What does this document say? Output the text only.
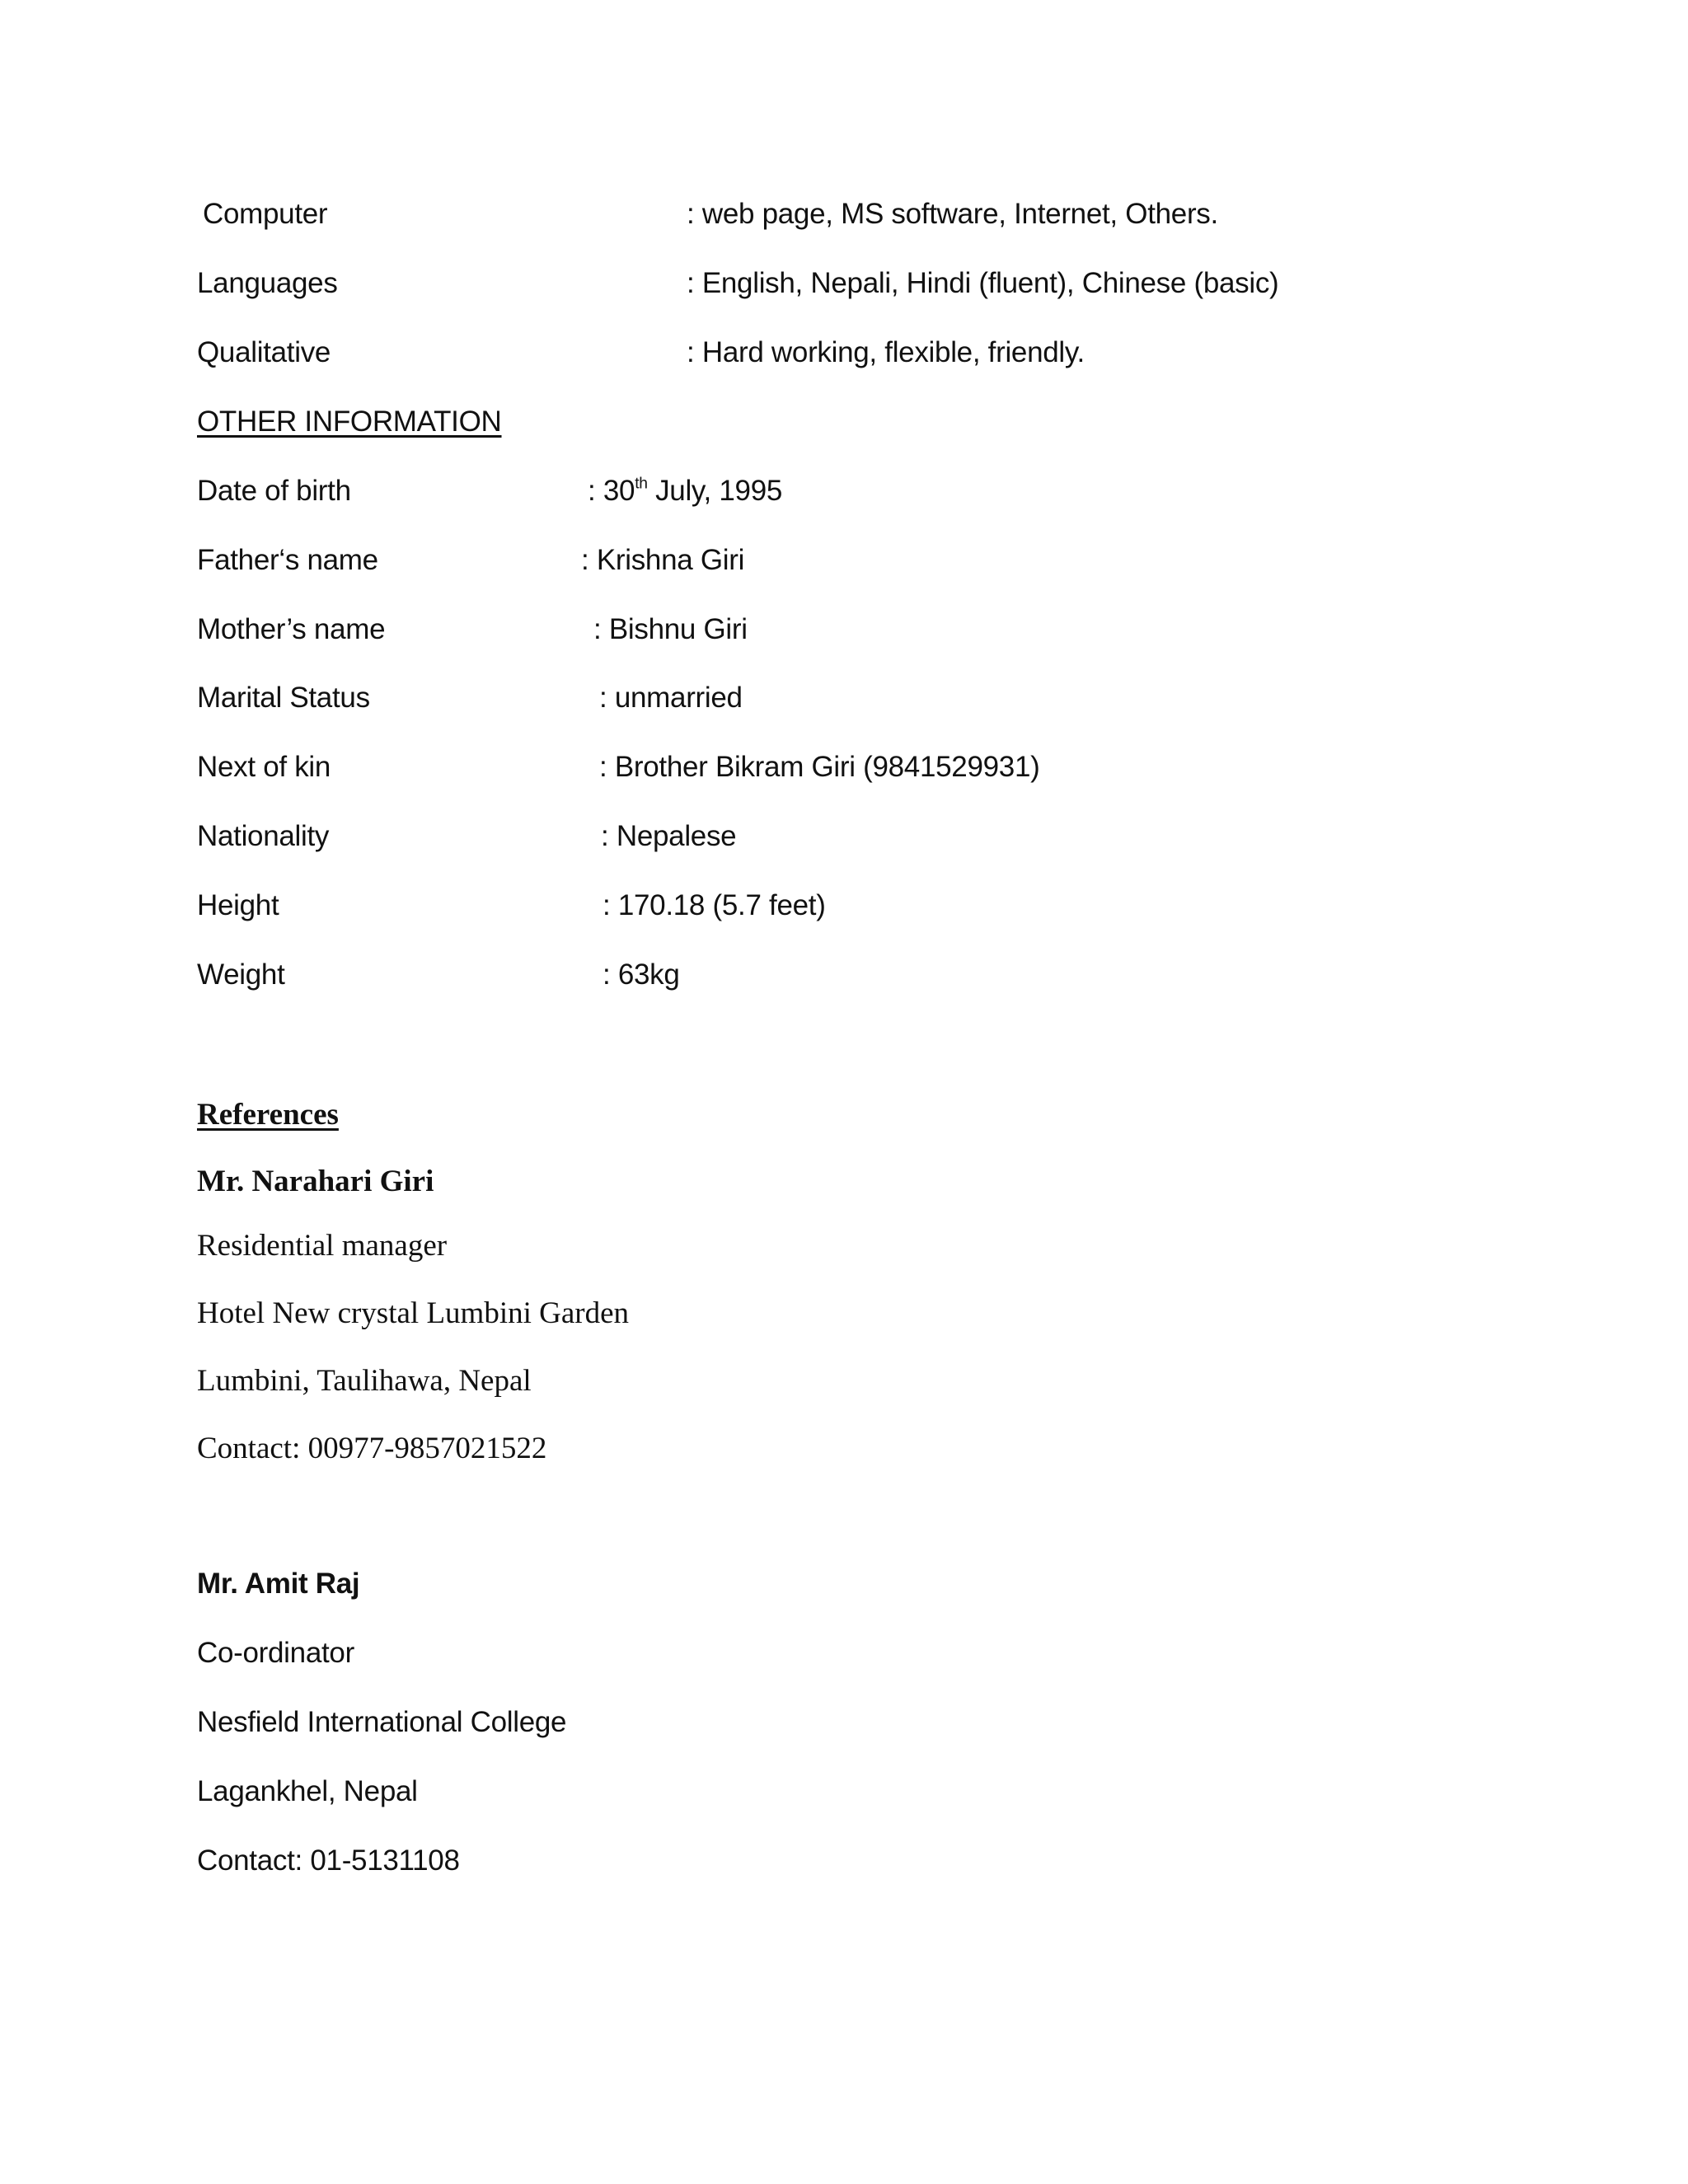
Computer	: web page, MS software, Internet, Others.
Languages	: English, Nepali, Hindi (fluent), Chinese (basic)
Qualitative	: Hard working, flexible, friendly.
OTHER INFORMATION
Date of birth	: 30th July, 1995
Father‘s name	: Krishna Giri
Mother’s name	: Bishnu Giri
Marital Status	: unmarried
Next of kin	: Brother Bikram Giri (9841529931)
Nationality	: Nepalese
Height	: 170.18 (5.7 feet)
Weight	: 63kg
References
Mr. Narahari Giri
Residential manager
Hotel New crystal Lumbini Garden
Lumbini, Taulihawa, Nepal
Contact: 00977-9857021522
Mr. Amit Raj
Co-ordinator
Nesfield International College
Lagankhel, Nepal
Contact: 01-5131108
